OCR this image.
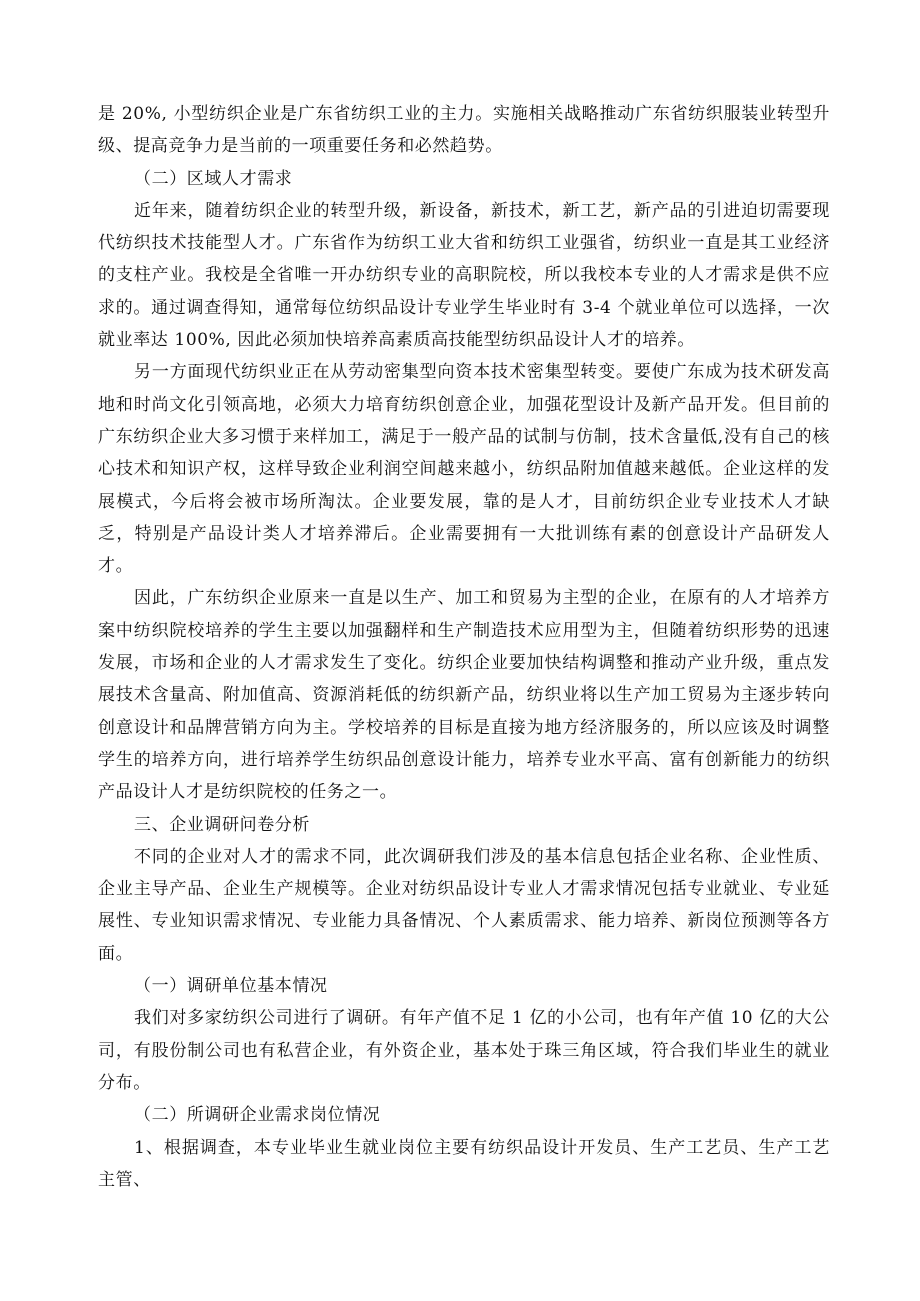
是 20%, 小型纺织企业是广东省纺织工业的主力。实施相关战略推动广东省纺织服装业转型升级、提高竞争力是当前的一项重要任务和必然趋势。

（二）区域人才需求

近年来，随着纺织企业的转型升级，新设备，新技术，新工艺，新产品的引进迫切需要现代纺织技术技能型人才。广东省作为纺织工业大省和纺织工业强省，纺织业一直是其工业经济的支柱产业。我校是全省唯一开办纺织专业的高职院校，所以我校本专业的人才需求是供不应求的。通过调查得知，通常每位纺织品设计专业学生毕业时有 3-4 个就业单位可以选择，一次就业率达 100%, 因此必须加快培养高素质高技能型纺织品设计人才的培养。

另一方面现代纺织业正在从劳动密集型向资本技术密集型转变。要使广东成为技术研发高地和时尚文化引领高地，必须大力培育纺织创意企业，加强花型设计及新产品开发。但目前的广东纺织企业大多习惯于来样加工，满足于一般产品的试制与仿制，技术含量低,没有自己的核心技术和知识产权，这样导致企业利润空间越来越小，纺织品附加值越来越低。企业这样的发展模式，今后将会被市场所淘汰。企业要发展，靠的是人才，目前纺织企业专业技术人才缺乏，特别是产品设计类人才培养滞后。企业需要拥有一大批训练有素的创意设计产品研发人才。

因此，广东纺织企业原来一直是以生产、加工和贸易为主型的企业，在原有的人才培养方案中纺织院校培养的学生主要以加强翻样和生产制造技术应用型为主，但随着纺织形势的迅速发展，市场和企业的人才需求发生了变化。纺织企业要加快结构调整和推动产业升级，重点发展技术含量高、附加值高、资源消耗低的纺织新产品，纺织业将以生产加工贸易为主逐步转向创意设计和品牌营销方向为主。学校培养的目标是直接为地方经济服务的，所以应该及时调整学生的培养方向，进行培养学生纺织品创意设计能力，培养专业水平高、富有创新能力的纺织产品设计人才是纺织院校的任务之一。

三、企业调研问卷分析

不同的企业对人才的需求不同，此次调研我们涉及的基本信息包括企业名称、企业性质、企业主导产品、企业生产规模等。企业对纺织品设计专业人才需求情况包括专业就业、专业延展性、专业知识需求情况、专业能力具备情况、个人素质需求、能力培养、新岗位预测等各方面。

（一）调研单位基本情况

我们对多家纺织公司进行了调研。有年产值不足 1 亿的小公司，也有年产值 10 亿的大公司，有股份制公司也有私营企业，有外资企业，基本处于珠三角区域，符合我们毕业生的就业分布。

（二）所调研企业需求岗位情况

1、根据调查，本专业毕业生就业岗位主要有纺织品设计开发员、生产工艺员、生产工艺主管、
